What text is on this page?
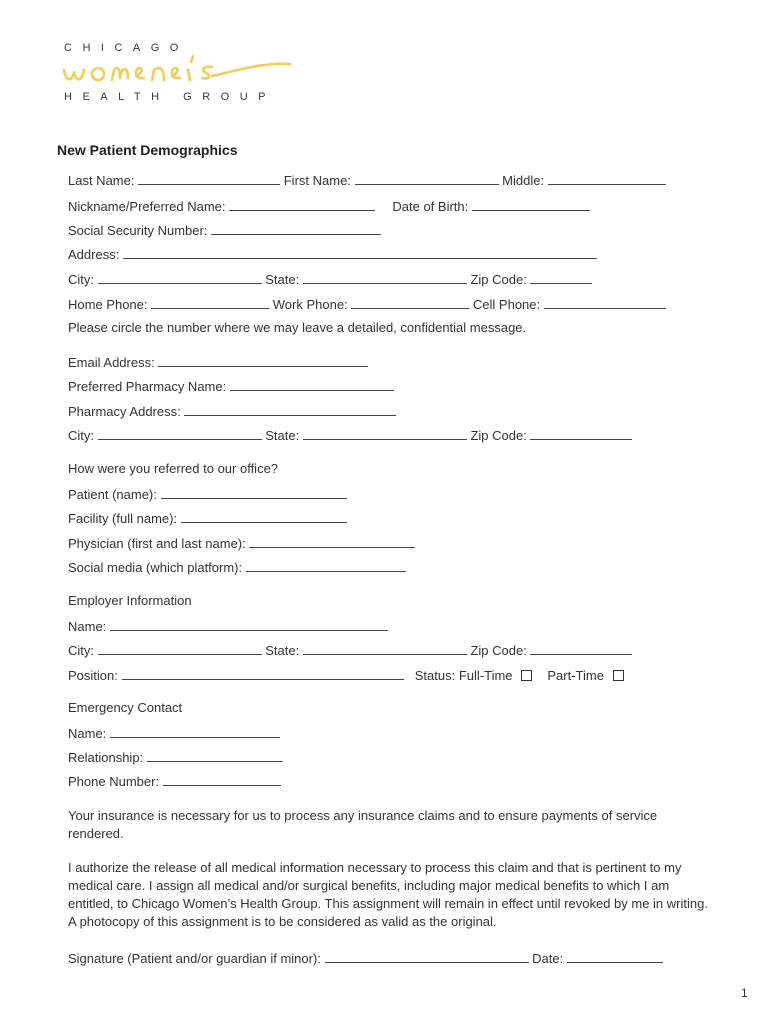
CHICAGO
HEALTH GROUP
New Patient Demographics
Last Name:	First Name:	Middle:
Nickname/Preferred Name:	Date of Birth:
Social Security Number:
Address:
City:	State:	Zip Code:
Home Phone:	Work Phone:	Cell Phone:
Please circle the number where we may leave a detailed, confidential message.
Email Address:
Preferred Pharmacy Name:
Pharmacy Address:
City:	State:	Zip Code:
How were you referred to our office?
Patient (name):
Facility (full name):
Physician (first and last name):
Social media (which platform):
Employer Information
Name:
City:	State:	Zip Code:
Position:	Status: Full-Time	Part-Time
Emergency Contact
Name:
Relationship:
Phone Number:

Your insurance is necessary for us to process any insurance claims and to ensure payments of service rendered.

I authorize the release of all medical information necessary to process this claim and that is pertinent to my medical care. I assign all medical and/or surgical benefits, including major medical benefits to which I am entitled, to Chicago Women’s Health Group. This assignment will remain in effect until revoked by me in writing. A photocopy of this assignment is to be considered as valid as the original.

Signature (Patient and/or guardian if minor):	Date:
1
